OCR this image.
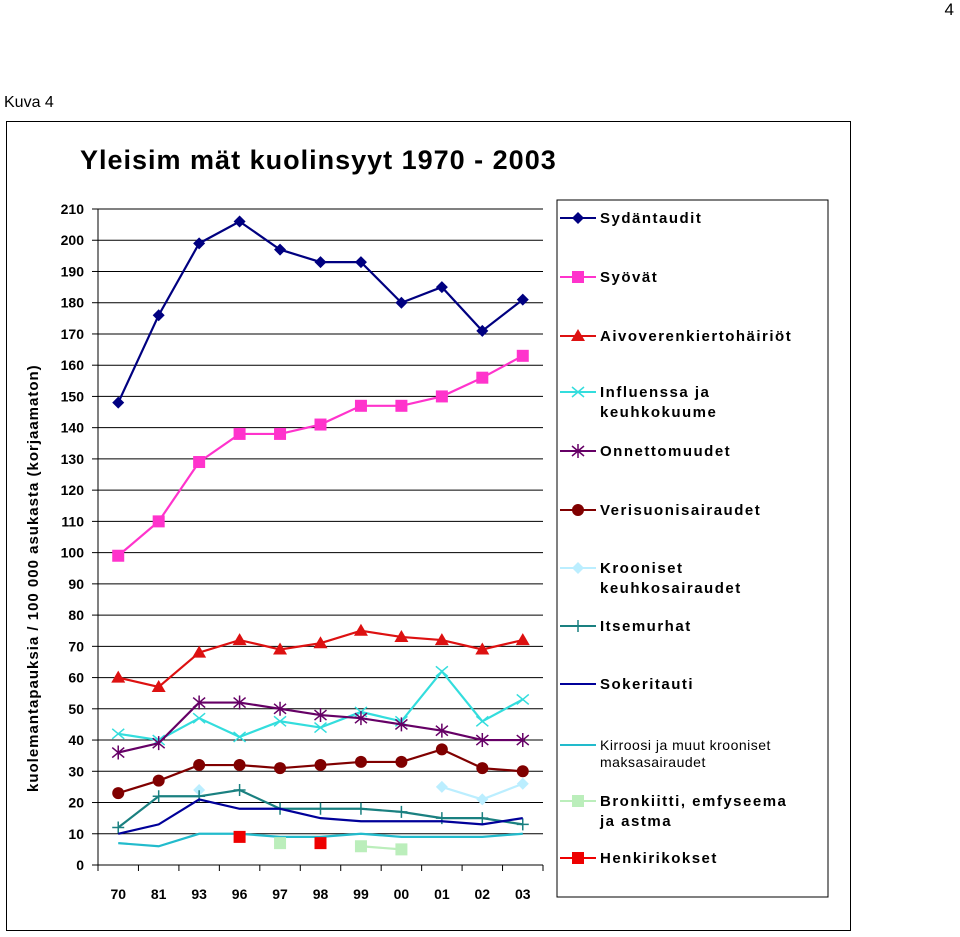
4
Kuva 4
Yleisim mät kuolinsyyt 1970 - 2003
0
10
20
30
40
50
60
70
80
90
100
110
120
130
140
150
160
170
180
190
200
210
70 81 93 96 97 98 99 00 01 02 03
kuolemantapauksia / 100 000 asukasta (korjaamaton)
Sydäntaudit
Syövät
Aivoverenkiertohäiriöt
Influenssa ja keuhkokuume
Onnettomuudet
Verisuonisairaudet
Krooniset keuhkosairaudet
Itsemurhat
Sokeritauti
Kirroosi ja muut krooniset maksasairaudet
Bronkiitti, emfyseema ja astma
Henkirikokset
